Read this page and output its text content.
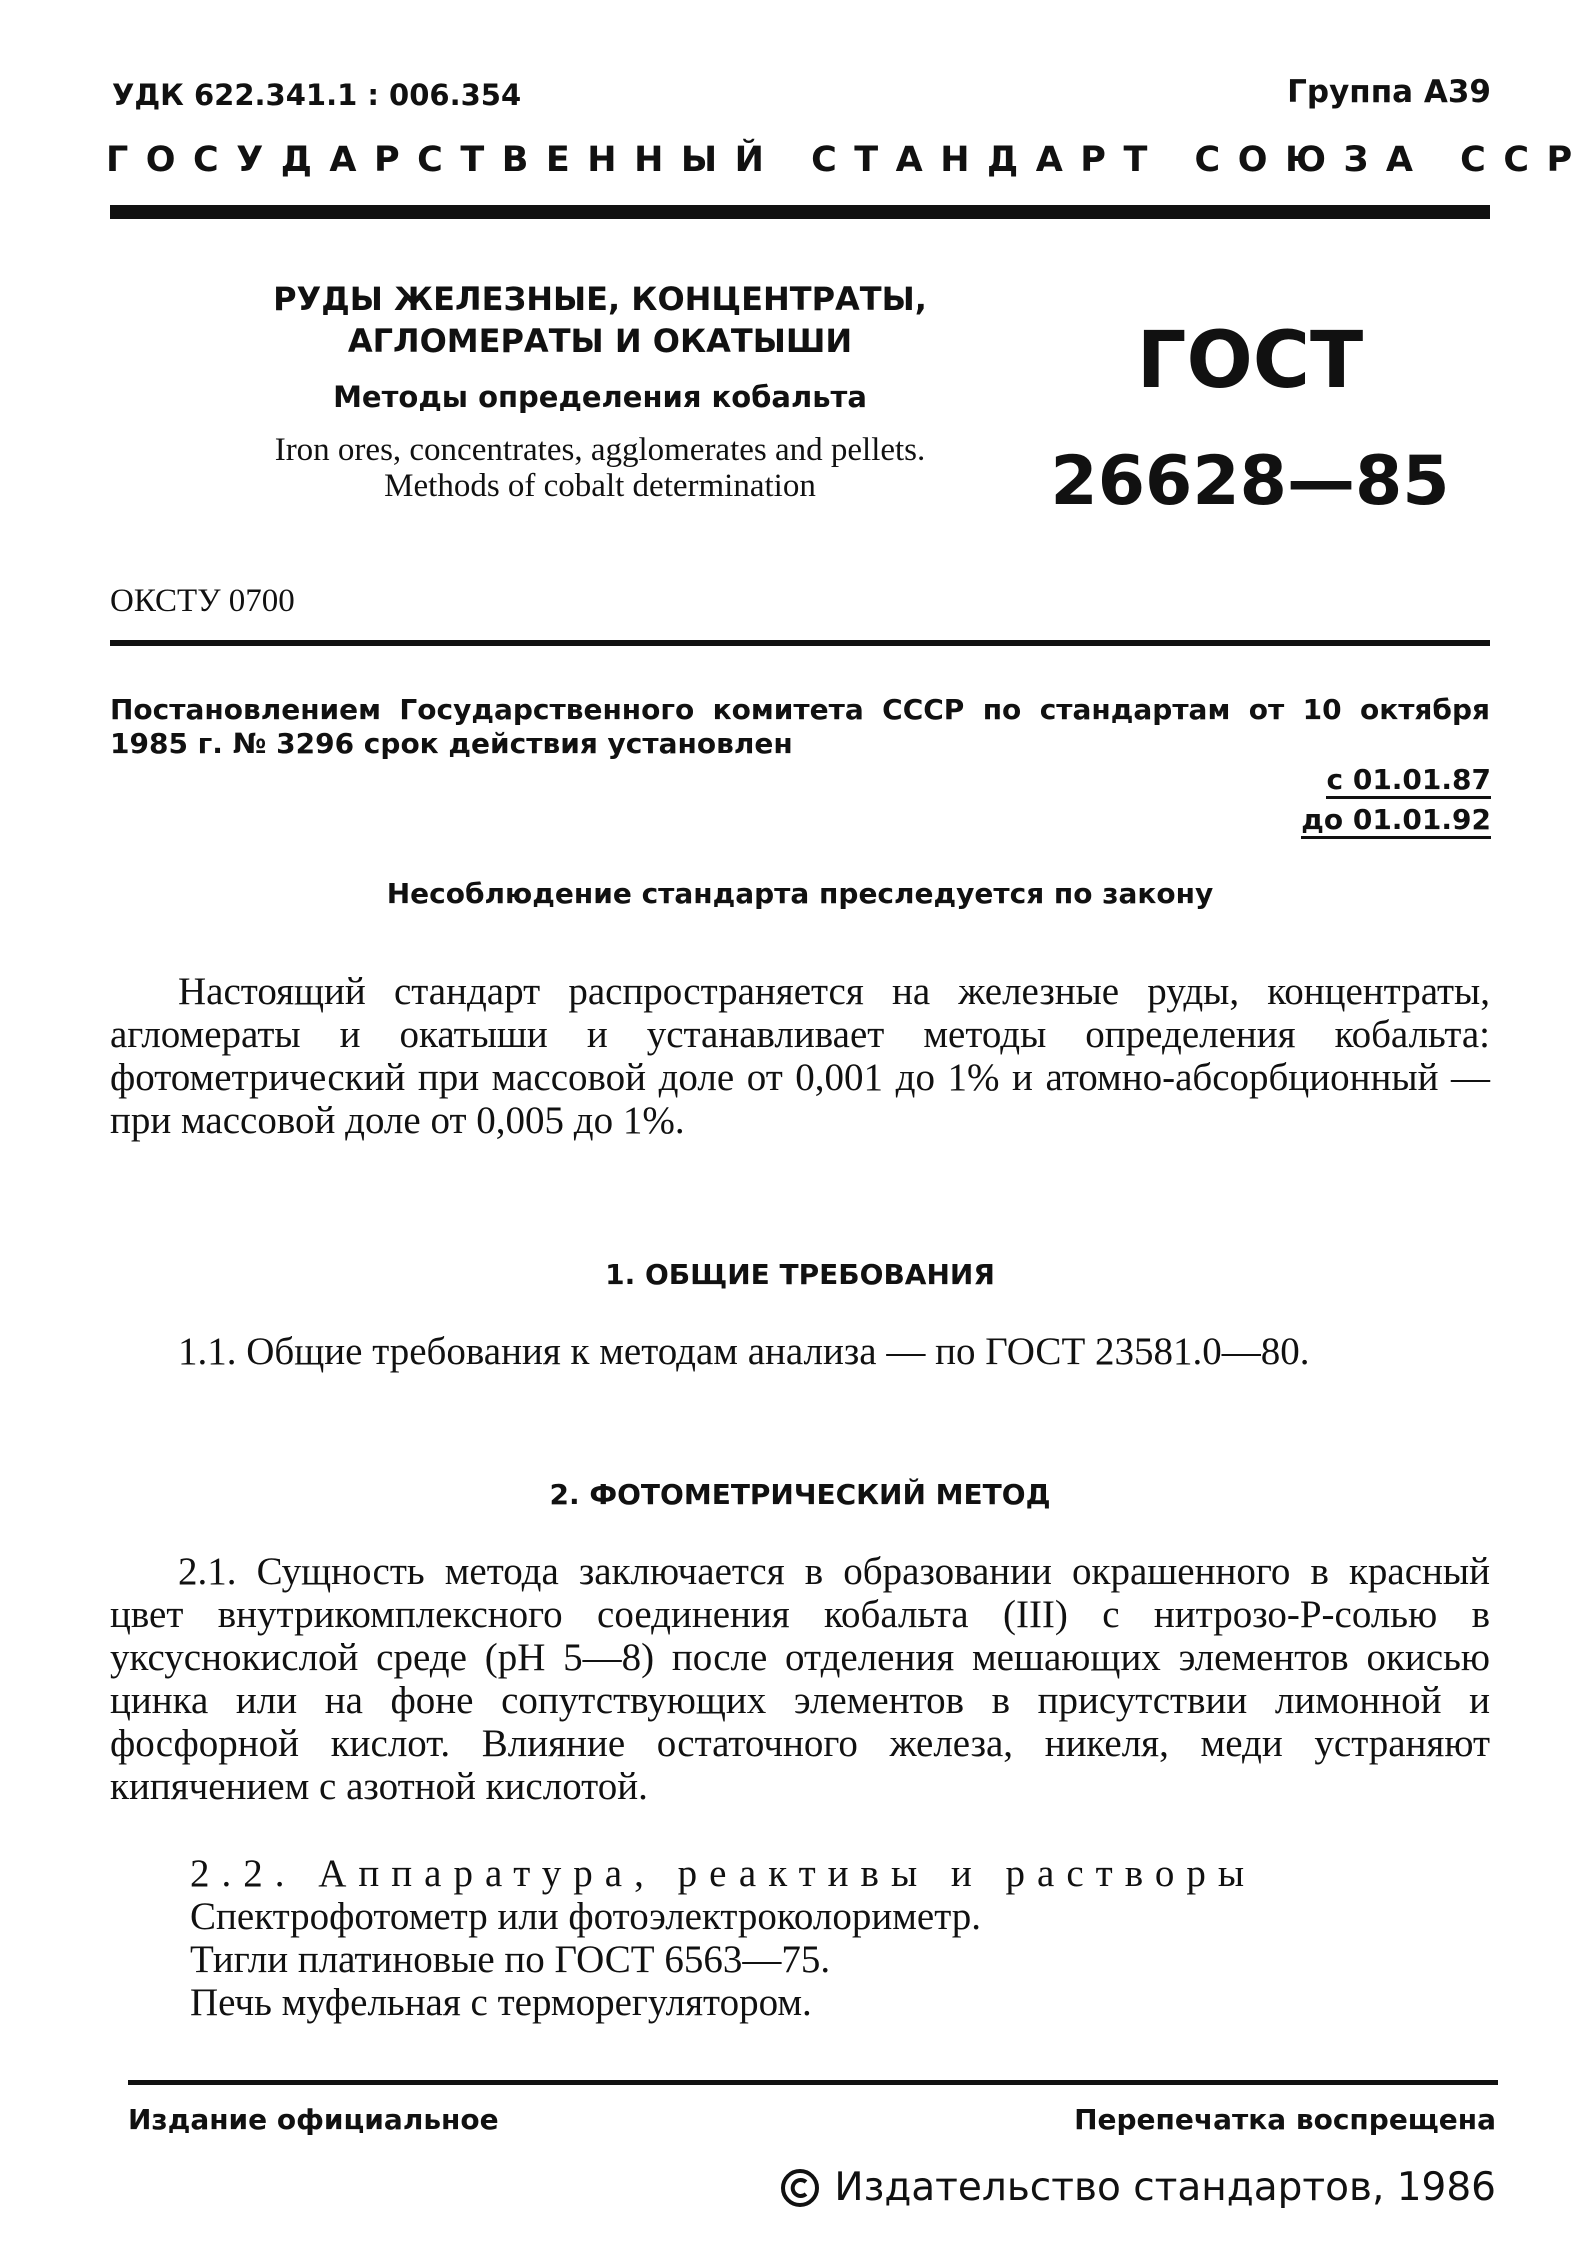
УДК 622.341.1 : 006.354	Группа А39
ГОСУДАРСТВЕННЫЙ СТАНДАРТ СОЮЗА ССР
РУДЫ ЖЕЛЕЗНЫЕ, КОНЦЕНТРАТЫ,
АГЛОМЕРАТЫ И ОКАТЫШИ
Методы определения кобальта
Iron ores, concentrates, agglomerates and pellets.
Methods of cobalt determination
ГОСТ
26628—85
ОКСТУ 0700
Постановлением Государственного комитета СССР по стандартам от 10 октября 1985 г. № 3296 срок действия установлен
с 01.01.87
до 01.01.92
Несоблюдение стандарта преследуется по закону
Настоящий стандарт распространяется на железные руды, концентраты, агломераты и окатыши и устанавливает методы определения кобальта: фотометрический при массовой доле от 0,001 до 1% и атомно-абсорбционный — при массовой доле от 0,005 до 1%.
1. ОБЩИЕ ТРЕБОВАНИЯ
1.1. Общие требования к методам анализа — по ГОСТ 23581.0—80.
2. ФОТОМЕТРИЧЕСКИЙ МЕТОД
2.1. Сущность метода заключается в образовании окрашенного в красный цвет внутрикомплексного соединения кобальта (III) с нитрозо-Р-солью в уксуснокислой среде (pH 5—8) после отделения мешающих элементов окисью цинка или на фоне сопутствующих элементов в присутствии лимонной и фосфорной кислот. Влияние остаточного железа, никеля, меди устраняют кипячением с азотной кислотой.
2.2. Аппаратура, реактивы и растворы
Спектрофотометр или фотоэлектроколориметр.
Тигли платиновые по ГОСТ 6563—75.
Печь муфельная с терморегулятором.
Издание официальное	Перепечатка воспрещена
Издательство стандартов, 1986
